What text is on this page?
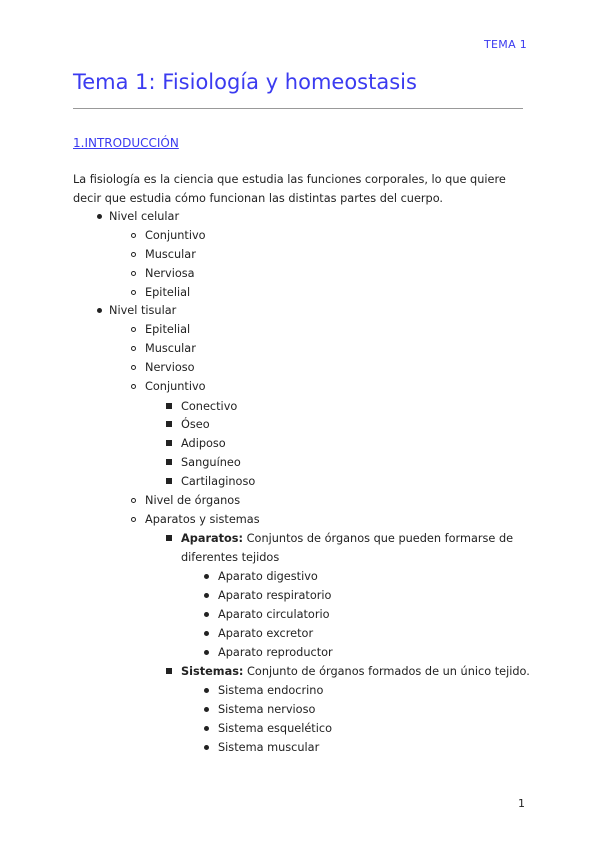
TEMA 1
Tema 1: Fisiología y homeostasis
1.INTRODUCCIÓN

La fisiología es la ciencia que estudia las funciones corporales, lo que quiere decir que estudia cómo funcionan las distintas partes del cuerpo.

Nivel celular
Conjuntivo
Muscular
Nerviosa
Epitelial
Nivel tisular
Epitelial
Muscular
Nervioso
Conjuntivo
Conectivo
Óseo
Adiposo
Sanguíneo
Cartilaginoso
Nivel de órganos
Aparatos y sistemas
Aparatos: Conjuntos de órganos que pueden formarse de
diferentes tejidos
Aparato digestivo
Aparato respiratorio
Aparato circulatorio
Aparato excretor
Aparato reproductor
Sistemas: Conjunto de órganos formados de un único tejido.
Sistema endocrino
Sistema nervioso
Sistema esquelético
Sistema muscular
1
